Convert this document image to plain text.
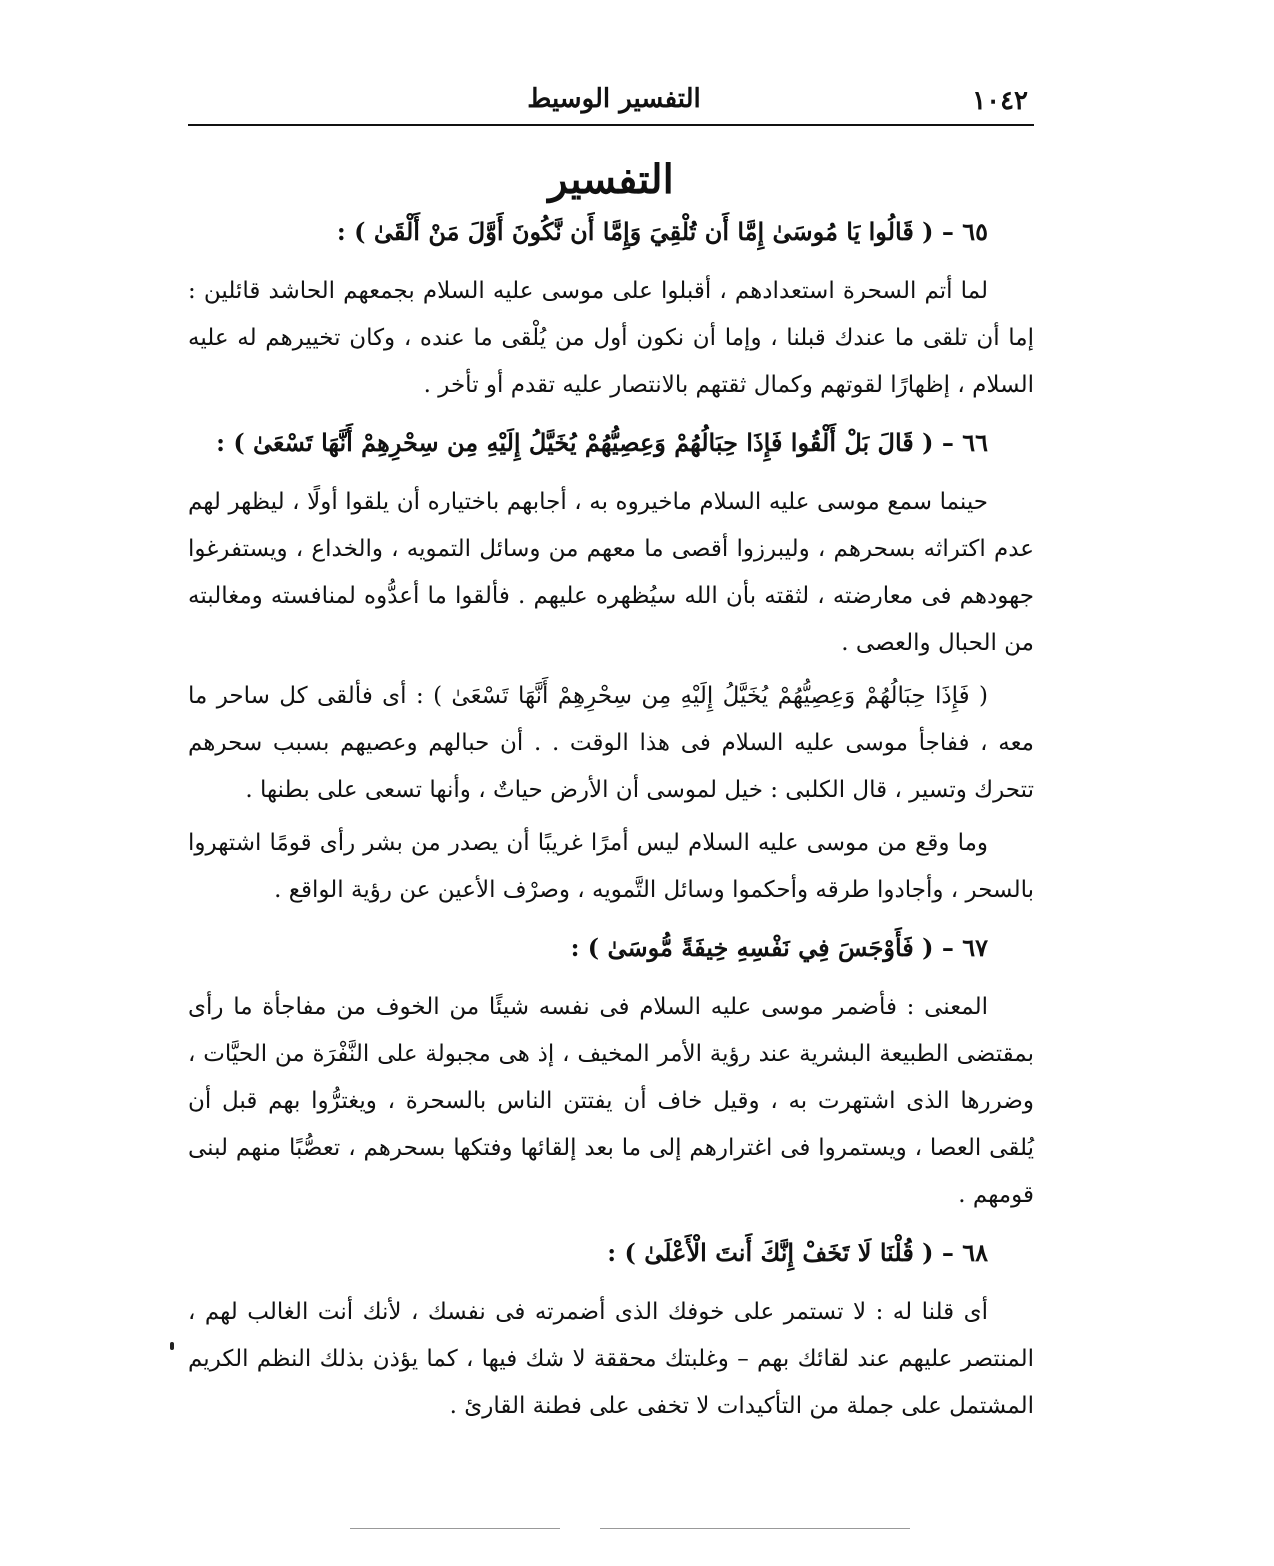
١٠٤٢
التفسير الوسيط
التفسير

٦٥ – ( قَالُوا يَا مُوسَىٰ إِمَّا أَن تُلْقِيَ وَإِمَّا أَن نَّكُونَ أَوَّلَ مَنْ أَلْقَىٰ ) :

لما أتم السحرة استعدادهم ، أقبلوا على موسى عليه السلام بجمعهم الحاشد قائلين : إما أن تلقى ما عندك قبلنا ، وإما أن نكون أول من يُلْقى ما عنده ، وكان تخييرهم له عليه السلام ، إظهارًا لقوتهم وكمال ثقتهم بالانتصار عليه تقدم أو تأخر .

٦٦ – ( قَالَ بَلْ أَلْقُوا فَإِذَا حِبَالُهُمْ وَعِصِيُّهُمْ يُخَيَّلُ إِلَيْهِ مِن سِحْرِهِمْ أَنَّهَا تَسْعَىٰ ) :

حينما سمع موسى عليه السلام ماخيروه به ، أجابهم باختياره أن يلقوا أولًا ، ليظهر لهم عدم اكتراثه بسحرهم ، وليبرزوا أقصى ما معهم من وسائل التمويه ، والخداع ، ويستفرغوا جهودهم فى معارضته ، لثقته بأن الله سيُظهره عليهم . فألقوا ما أعدُّوه لمنافسته ومغالبته من الحبال والعصى .

( فَإِذَا حِبَالُهُمْ وَعِصِيُّهُمْ يُخَيَّلُ إِلَيْهِ مِن سِحْرِهِمْ أَنَّهَا تَسْعَىٰ ) : أى فألقى كل ساحر ما معه ، ففاجأ موسى عليه السلام فى هذا الوقت . . أن حبالهم وعصيهم بسبب سحرهم تتحرك وتسير ، قال الكلبى : خيل لموسى أن الأرض حياتٌ ، وأنها تسعى على بطنها .

وما وقع من موسى عليه السلام ليس أمرًا غريبًا أن يصدر من بشر رأى قومًا اشتهروا بالسحر ، وأجادوا طرقه وأحكموا وسائل التَّمويه ، وصرْف الأعين عن رؤية الواقع .

٦٧ – ( فَأَوْجَسَ فِي نَفْسِهِ خِيفَةً مُّوسَىٰ ) :

المعنى : فأضمر موسى عليه السلام فى نفسه شيئًا من الخوف من مفاجأة ما رأى بمقتضى الطبيعة البشرية عند رؤية الأمر المخيف ، إذ هى مجبولة على النَّفْرَة من الحيَّات ، وضررها الذى اشتهرت به ، وقيل خاف أن يفتتن الناس بالسحرة ، ويغترُّوا بهم قبل أن يُلقى العصا ، ويستمروا فى اغترارهم إلى ما بعد إلقائها وفتكها بسحرهم ، تعصُّبًا منهم لبنى قومهم .

٦٨ – ( قُلْنَا لَا تَخَفْ إِنَّكَ أَنتَ الْأَعْلَىٰ ) :

أى قلنا له : لا تستمر على خوفك الذى أضمرته فى نفسك ، لأنك أنت الغالب لهم ، المنتصر عليهم عند لقائك بهم – وغلبتك محققة لا شك فيها ، كما يؤذن بذلك النظم الكريم المشتمل على جملة من التأكيدات لا تخفى على فطنة القارئ .
